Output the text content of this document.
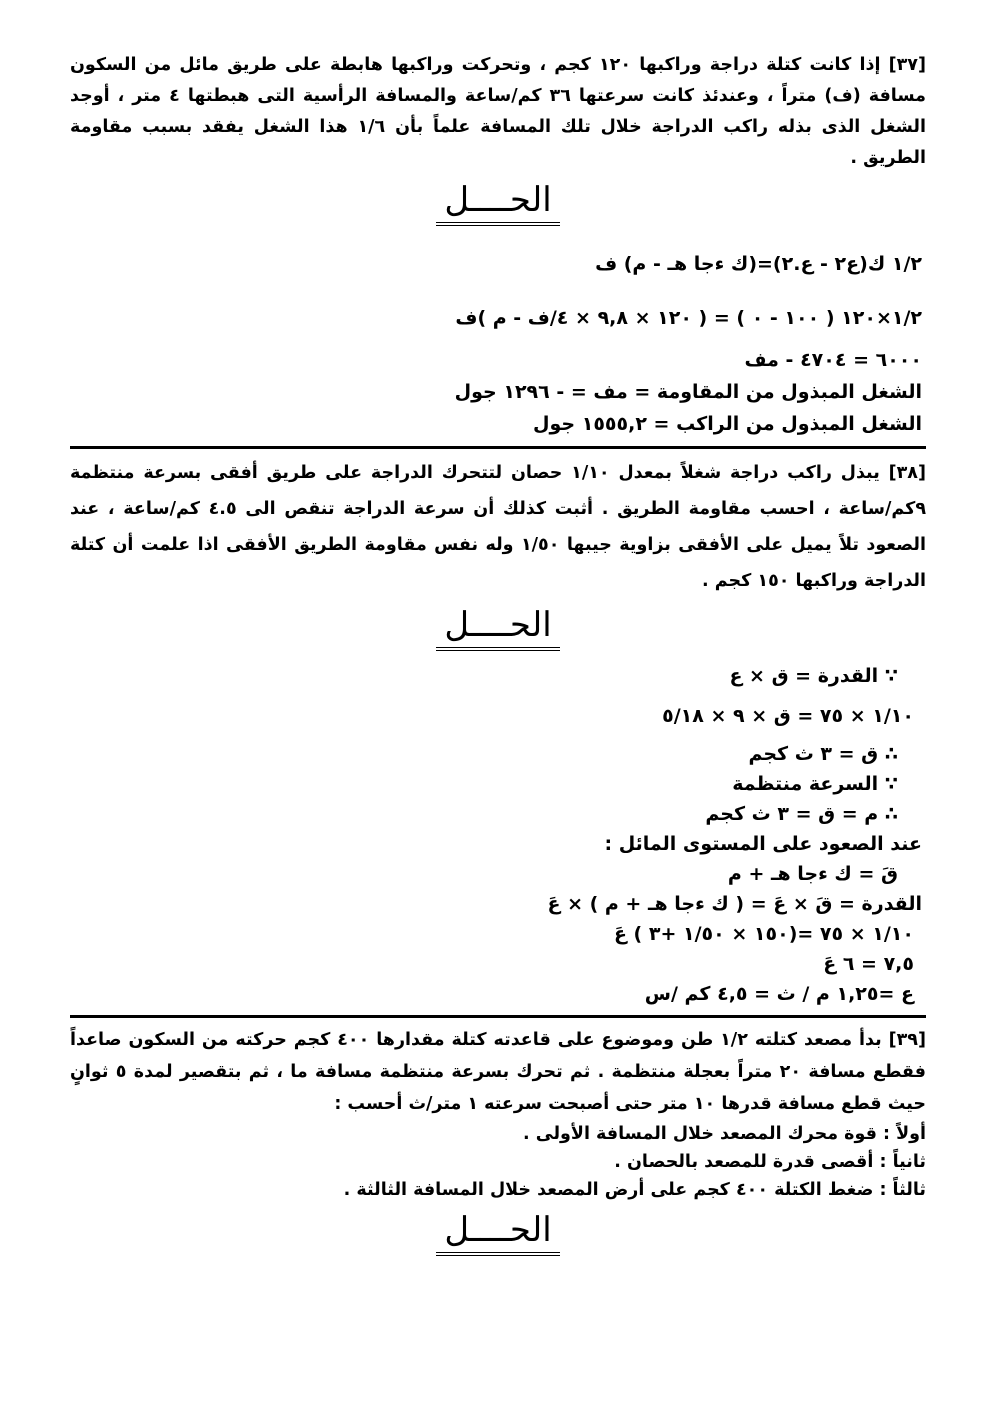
[٣٧] إذا كانت كتلة دراجة وراكبها ١٢٠ كجم ، وتحركت وراكبها هابطة على طريق مائل من السكون مسافة (ف) متراً ، وعندئذ كانت سرعتها ٣٦ كم/ساعة والمسافة الرأسية التى هبطتها ٤ متر ، أوجد الشغل الذى بذله راكب الدراجة خلال تلك المسافة علماً بأن ١/٦ هذا الشغل يفقد بسبب مقاومة الطريق .

الحــــل

١/٢ ك(ع٢ - ع.٢)=(ك ءجا هـ - م) ف

١/٢×١٢٠ ( ١٠٠ - ٠ ) = ( ١٢٠ × ٩,٨ × ٤/ف - م )ف

٦٠٠٠ = ٤٧٠٤ - مف

الشغل المبذول من المقاومة = مف = - ١٢٩٦ جول

الشغل المبذول من الراكب = ١٥٥٥,٢ جول

[٣٨] يبذل راكب دراجة شغلاً بمعدل ١/١٠ حصان لتتحرك الدراجة على طريق أفقى بسرعة منتظمة ٩كم/ساعة ، احسب مقاومة الطريق . أثبت كذلك أن سرعة الدراجة تنقص الى ٤.٥ كم/ساعة ، عند الصعود تلاً يميل على الأفقى بزاوية جيبها ١/٥٠ وله نفس مقاومة الطريق الأفقى اذا علمت أن كتلة الدراجة وراكبها ١٥٠ كجم .

الحــــل

∵ القدرة = ق × ع

١/١٠ × ٧٥ = ق × ٩ × ٥/١٨

∴ ق = ٣ ث كجم

∵ السرعة منتظمة

∴ م = ق = ٣ ث كجم

عند الصعود على المستوى المائل :

قَ = ك ءجا هـ + م

القدرة = قَ × عَ = ( ك ءجا هـ + م ) × عَ

١/١٠ × ٧٥ =(١٥٠ × ١/٥٠ +٣ ) عَ

٧,٥ = ٦ عَ

ع =١,٢٥ م / ث = ٤,٥ كم /س

[٣٩] بدأ مصعد كتلته ١/٢ طن وموضوع على قاعدته كتلة مقدارها ٤٠٠ كجم حركته من السكون صاعداً فقطع مسافة ٢٠ متراً بعجلة منتظمة . ثم تحرك بسرعة منتظمة مسافة ما ، ثم بتقصير لمدة ٥ ثوانٍ حيث قطع مسافة قدرها ١٠ متر حتى أصبحت سرعته ١ متر/ث أحسب :

أولاً : قوة محرك المصعد خلال المسافة الأولى .

ثانياً : أقصى قدرة للمصعد بالحصان .

ثالثاً : ضغط الكتلة ٤٠٠ كجم على أرض المصعد خلال المسافة الثالثة .

الحــــل
